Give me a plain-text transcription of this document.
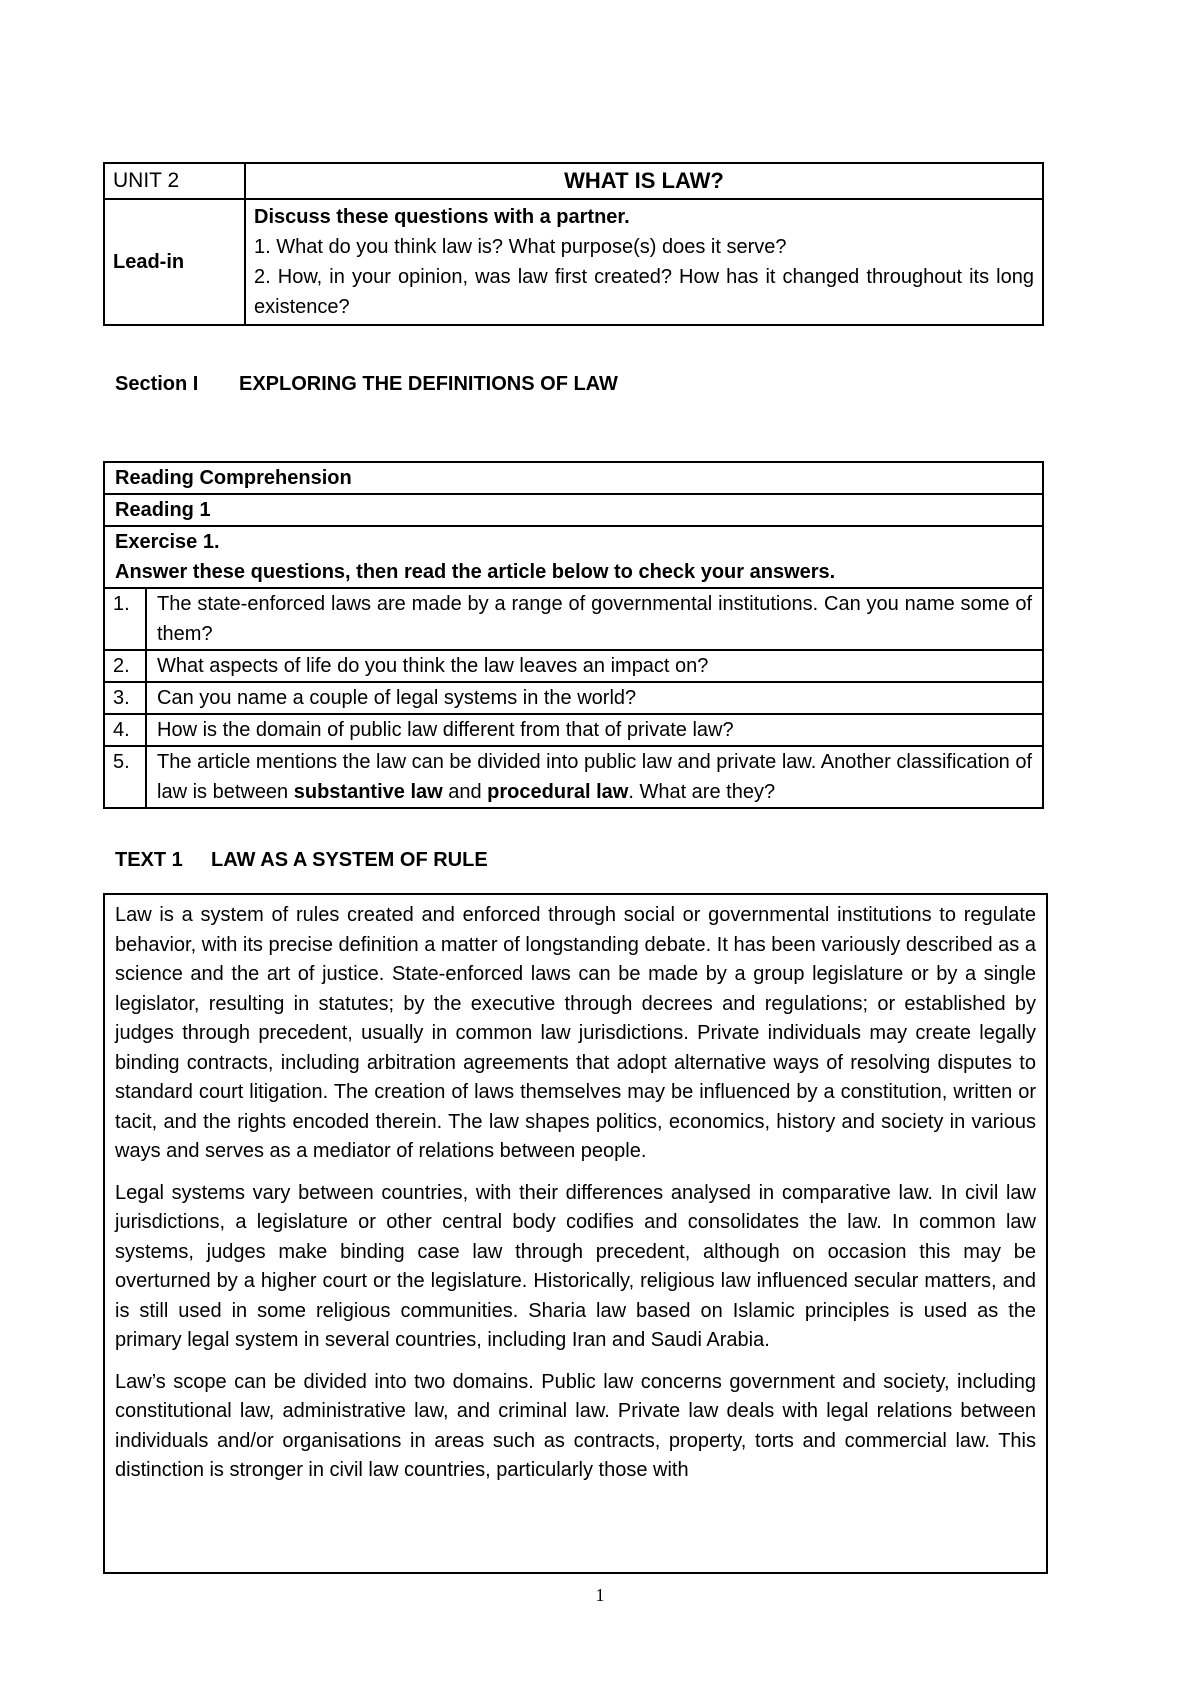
UNIT 2	WHAT IS LAW?
Lead-in	Discuss these questions with a partner.
1. What do you think law is? What purpose(s) does it serve?
2. How, in your opinion, was law first created? How has it changed throughout its long existence?
Section I EXPLORING THE DEFINITIONS OF LAW
Reading Comprehension	
Reading 1	

Exercise 1.
Answer these questions, then read the article below to check your answers.	

1.	The state-enforced laws are made by a range of governmental institutions. Can you name some of them?
2.	What aspects of life do you think the law leaves an impact on?
3.	Can you name a couple of legal systems in the world?
4.	How is the domain of public law different from that of private law?
5.	The article mentions the law can be divided into public law and private law. Another classification of law is between substantive law and procedural law. What are they?
TEXT 1 LAW AS A SYSTEM OF RULE

Law is a system of rules created and enforced through social or governmental institutions to regulate behavior, with its precise definition a matter of longstanding debate. It has been variously described as a science and the art of justice. State-enforced laws can be made by a group legislature or by a single legislator, resulting in statutes; by the executive through decrees and regulations; or established by judges through precedent, usually in common law jurisdictions. Private individuals may create legally binding contracts, including arbitration agreements that adopt alternative ways of resolving disputes to standard court litigation. The creation of laws themselves may be influenced by a constitution, written or tacit, and the rights encoded therein. The law shapes politics, economics, history and society in various ways and serves as a mediator of relations between people.

Legal systems vary between countries, with their differences analysed in comparative law. In civil law jurisdictions, a legislature or other central body codifies and consolidates the law. In common law systems, judges make binding case law through precedent, although on occasion this may be overturned by a higher court or the legislature. Historically, religious law influenced secular matters, and is still used in some religious communities. Sharia law based on Islamic principles is used as the primary legal system in several countries, including Iran and Saudi Arabia.

Law’s scope can be divided into two domains. Public law concerns government and society, including constitutional law, administrative law, and criminal law. Private law deals with legal relations between individuals and/or organisations in areas such as contracts, property, torts and commercial law. This distinction is stronger in civil law countries, particularly those with

1
